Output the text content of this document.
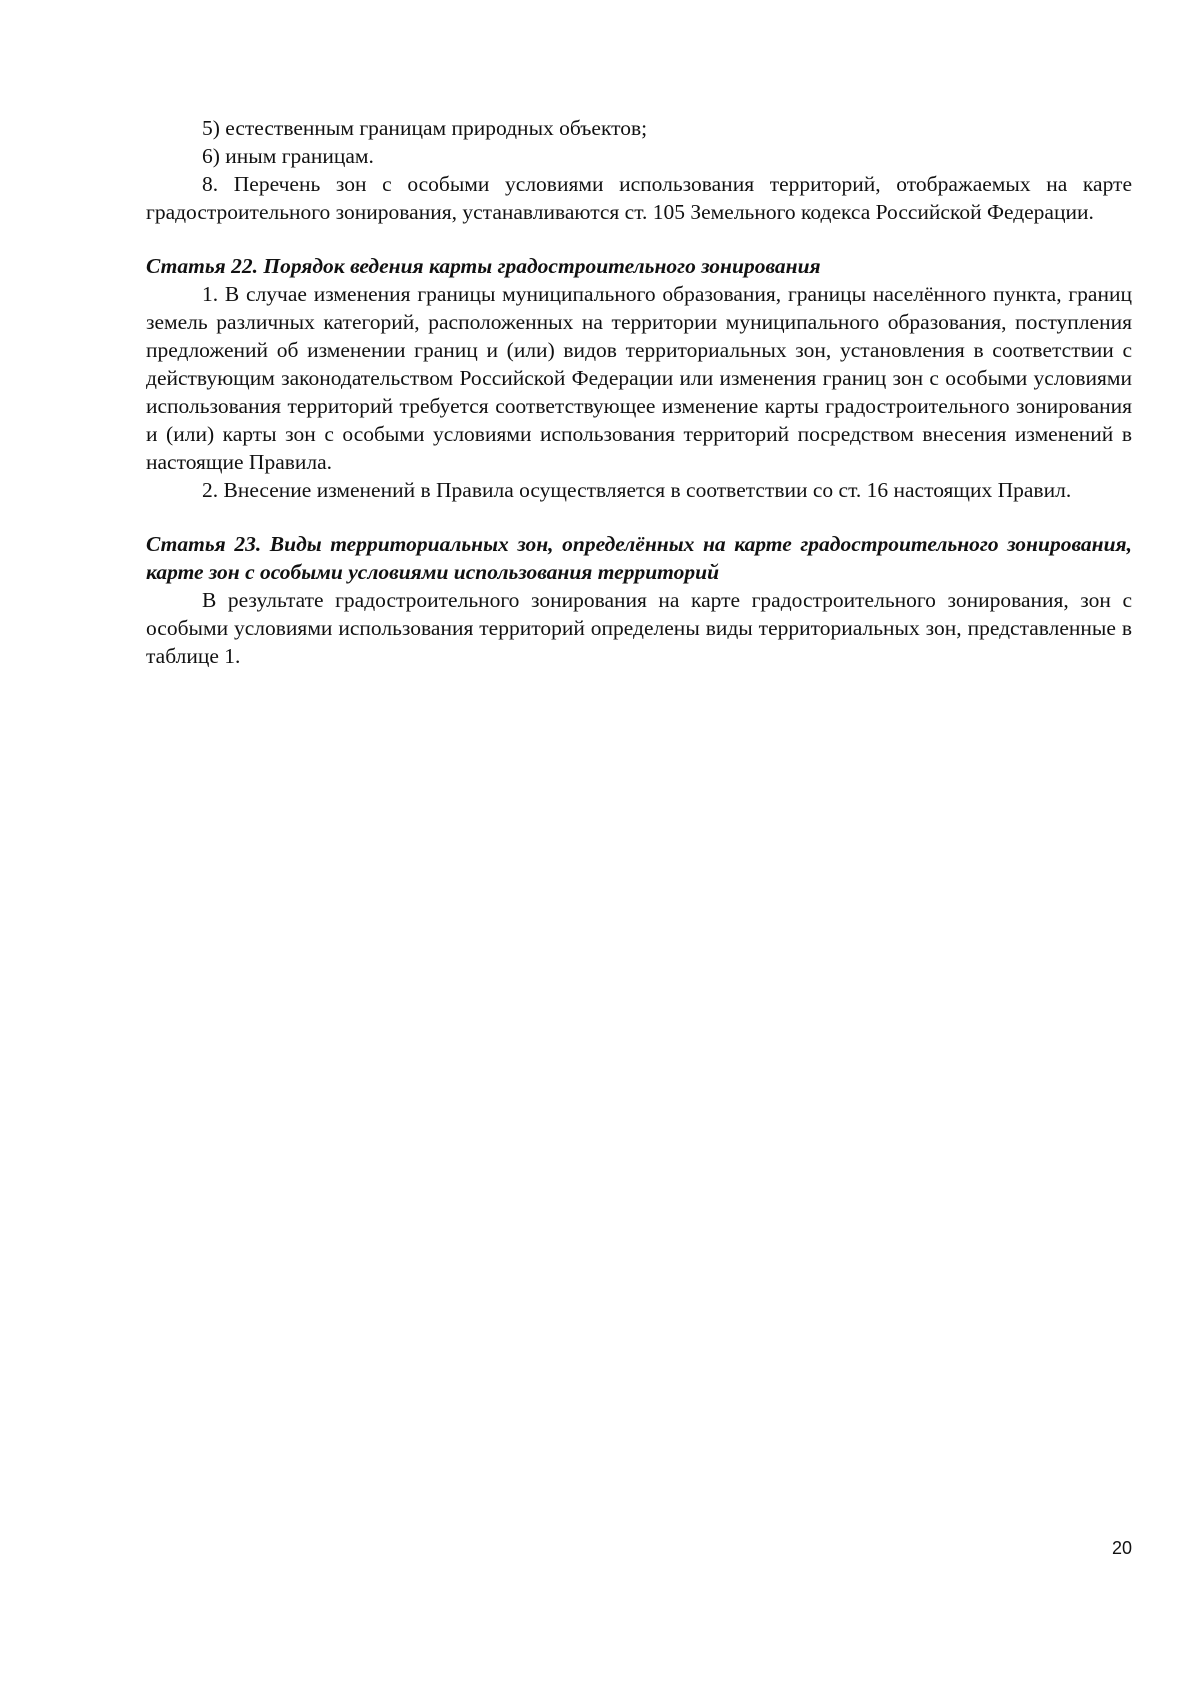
5) естественным границам природных объектов;

6) иным границам.

8. Перечень зон с особыми условиями использования территорий, отображаемых на карте градостроительного зонирования, устанавливаются ст. 105 Земельного кодекса Российской Федерации.

Статья 22. Порядок ведения карты градостроительного зонирования

1. В случае изменения границы муниципального образования, границы населённого пункта, границ земель различных категорий, расположенных на территории муниципального образования, поступления предложений об изменении границ и (или) видов территориальных зон, установления в соответствии с действующим законодательством Российской Федерации или изменения границ зон с особыми условиями использования территорий требуется соответствующее изменение карты градостроительного зонирования и (или) карты зон с особыми условиями использования территорий посредством внесения изменений в настоящие Правила.

2. Внесение изменений в Правила осуществляется в соответствии со ст. 16 настоящих Правил.

Статья 23. Виды территориальных зон, определённых на карте градостроительного зонирования, карте зон с особыми условиями использования территорий

В результате градостроительного зонирования на карте градостроительного зонирования, зон с особыми условиями использования территорий определены виды территориальных зон, представленные в таблице 1.

20
